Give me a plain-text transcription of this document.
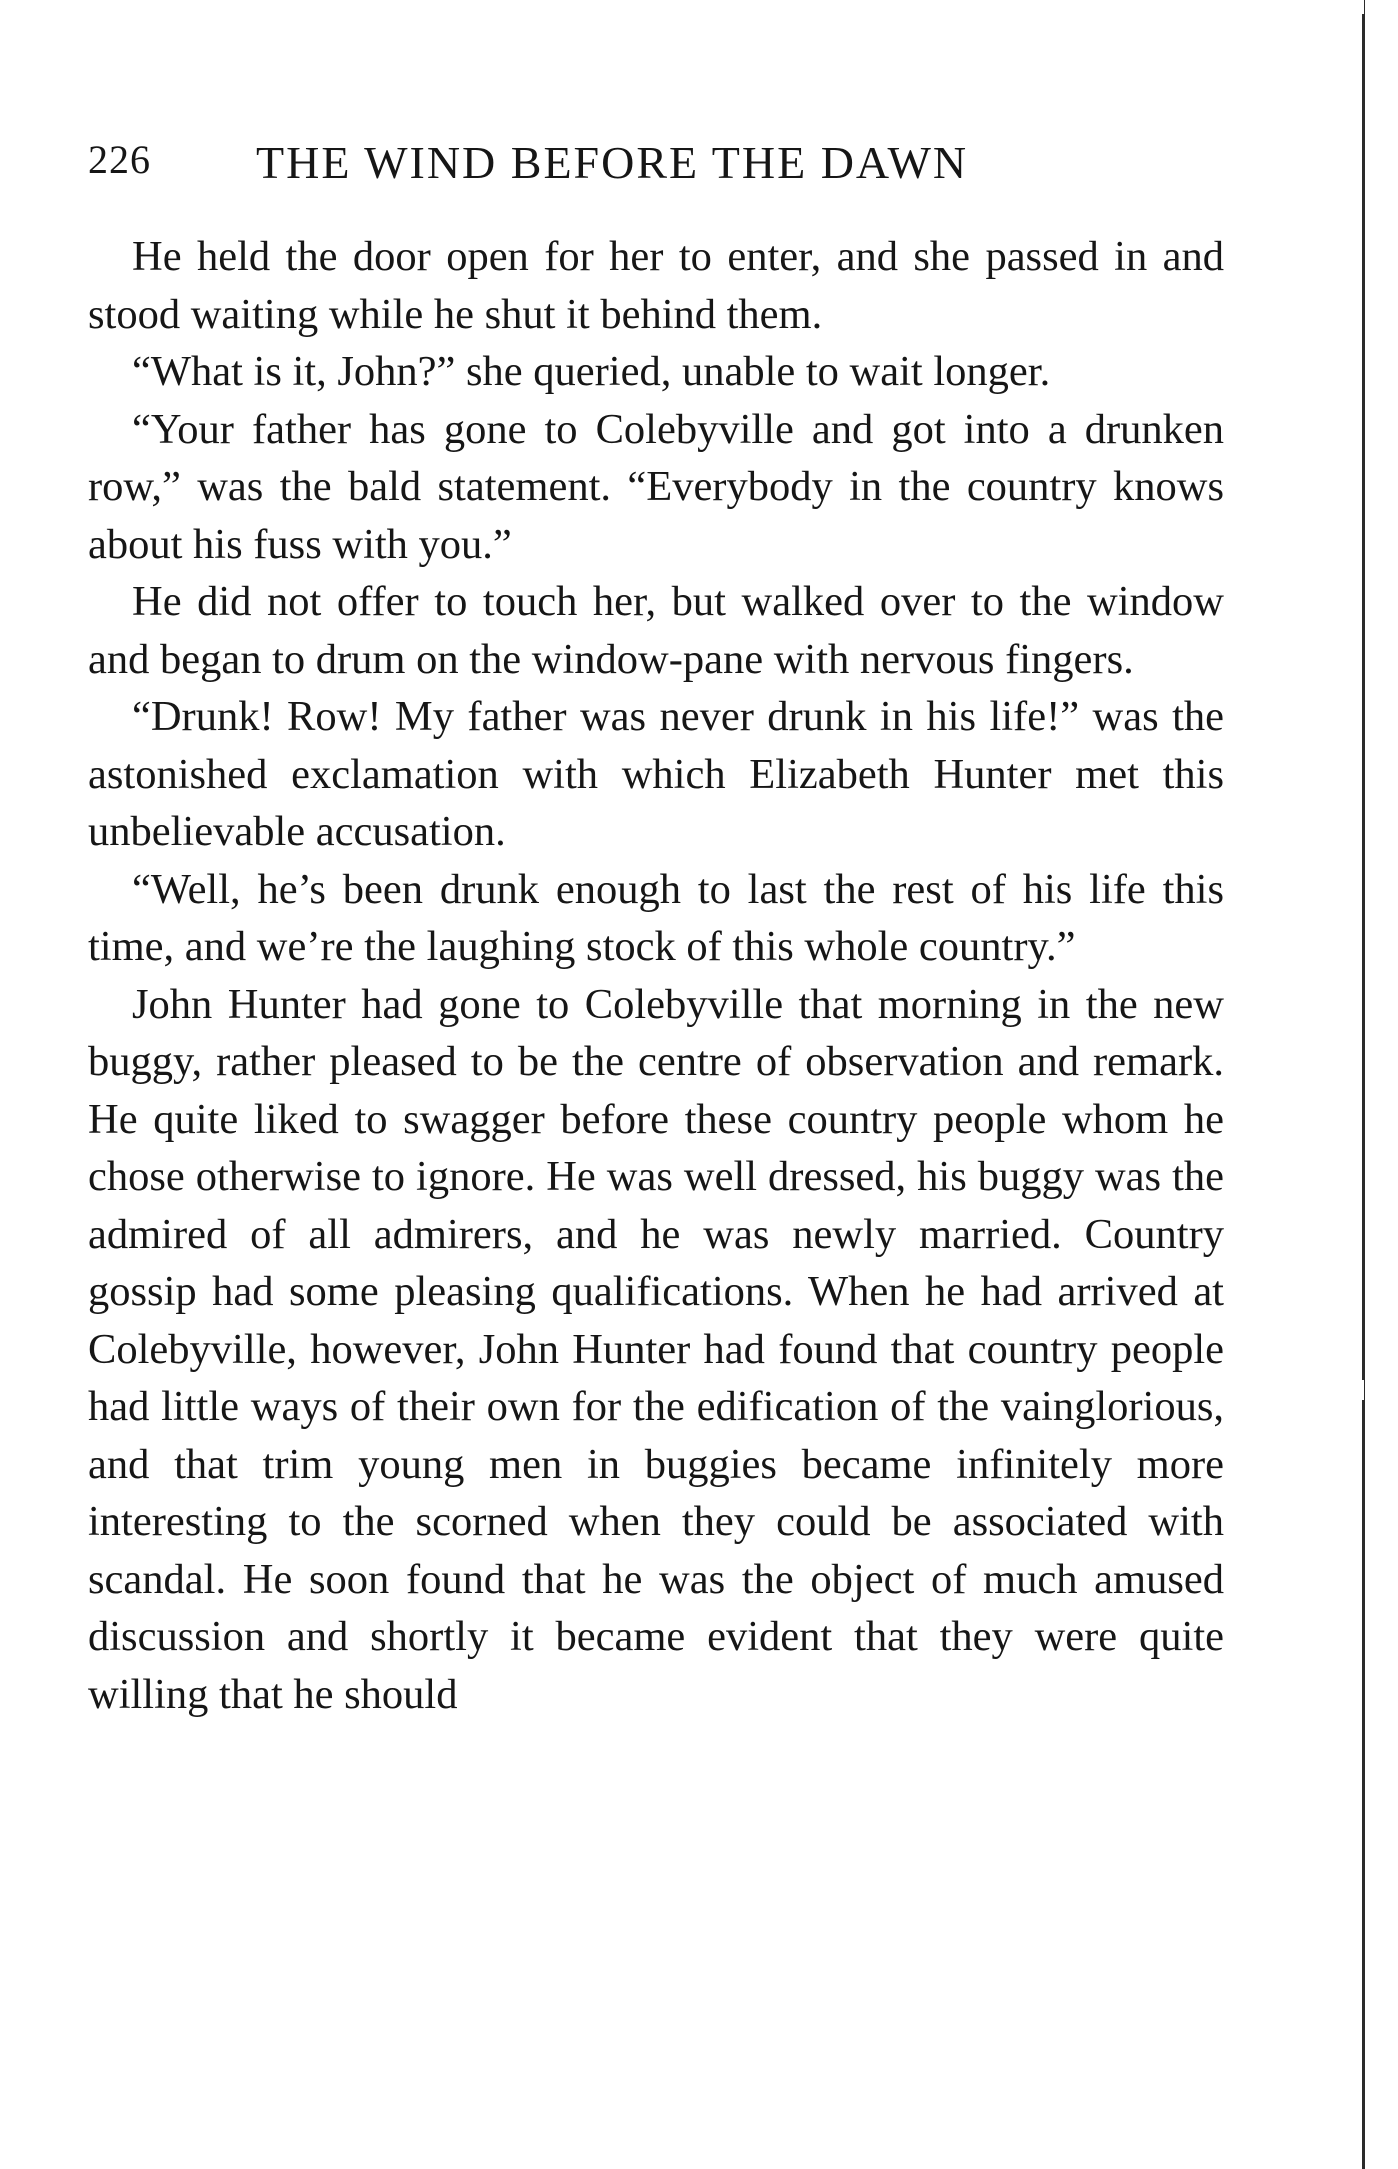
226 THE WIND BEFORE THE DAWN

He held the door open for her to enter, and she passed in and stood waiting while he shut it behind them.

“What is it, John?” she queried, unable to wait longer.

“Your father has gone to Colebyville and got into a drunken row,” was the bald statement. “Everybody in the country knows about his fuss with you.”

He did not offer to touch her, but walked over to the window and began to drum on the window-pane with nervous fingers.

“Drunk! Row! My father was never drunk in his life!” was the astonished exclamation with which Elizabeth Hunter met this unbelievable accusation.

“Well, he’s been drunk enough to last the rest of his life this time, and we’re the laughing stock of this whole country.”

John Hunter had gone to Colebyville that morning in the new buggy, rather pleased to be the centre of observation and remark. He quite liked to swagger before these country people whom he chose otherwise to ignore. He was well dressed, his buggy was the admired of all admirers, and he was newly married. Country gossip had some pleasing qualifications. When he had arrived at Colebyville, however, John Hunter had found that country people had little ways of their own for the edification of the vainglorious, and that trim young men in buggies became infinitely more interesting to the scorned when they could be associated with scandal. He soon found that he was the object of much amused discussion and shortly it became evident that they were quite willing that he should
